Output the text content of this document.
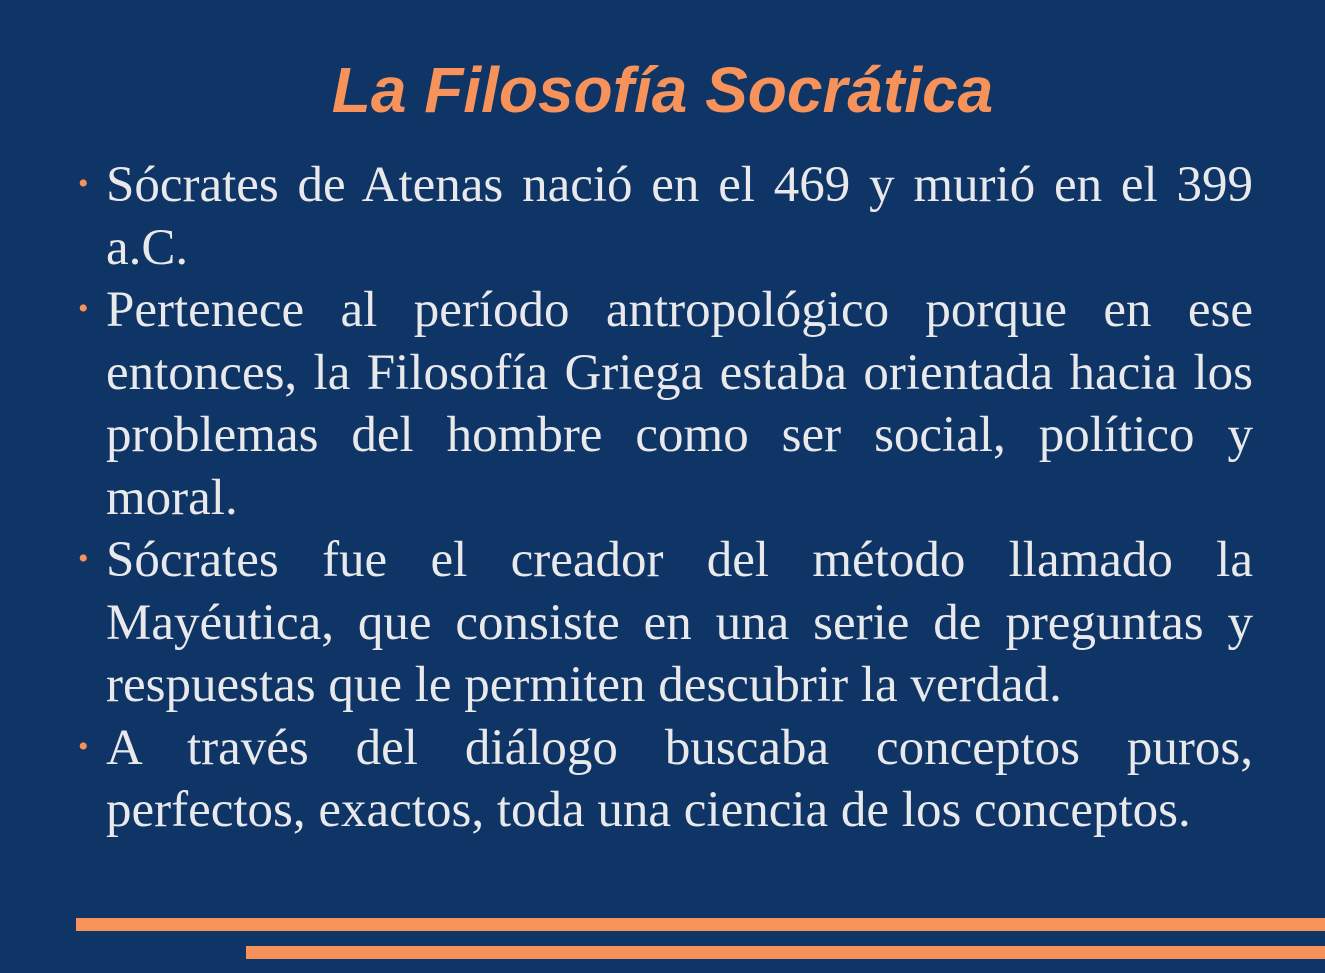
La Filosofía Socrática
• Sócrates de Atenas nació en el 469 y murió en el 399 a.C.
• Pertenece al período antropológico porque en ese entonces, la Filosofía Griega estaba orientada hacia los problemas del hombre como ser social, político y moral.
• Sócrates fue el creador del método llamado la Mayéutica, que consiste en una serie de preguntas y respuestas que le permiten descubrir la verdad.
• A través del diálogo buscaba conceptos puros, perfectos, exactos, toda una ciencia de los conceptos.
